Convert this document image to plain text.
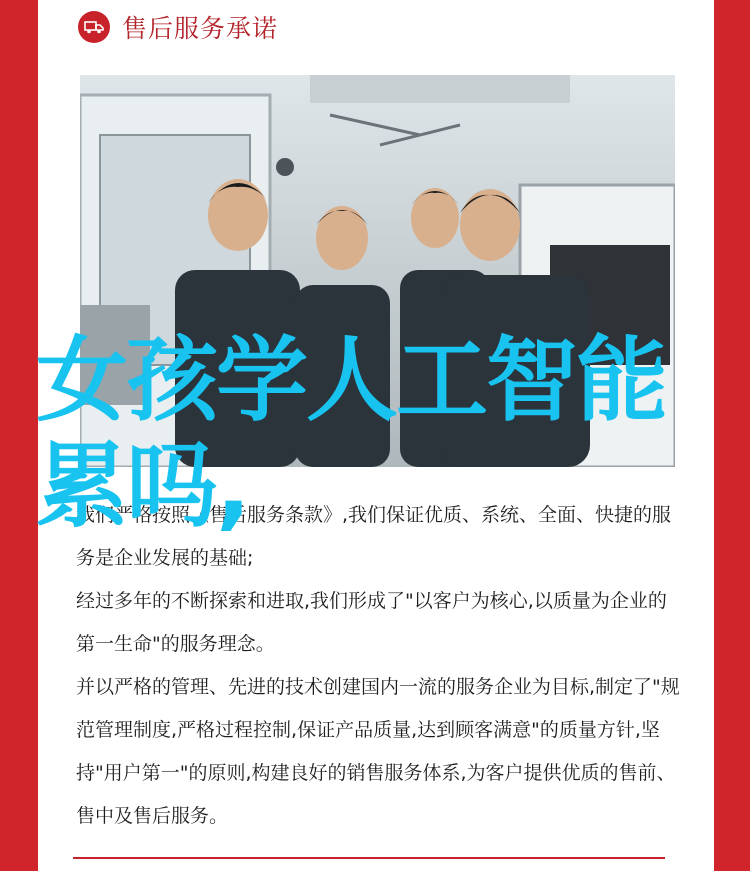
售后服务承诺

我们严格按照《售后服务条款》,我们保证优质、系统、全面、快捷的服务是企业发展的基础;

经过多年的不断探索和进取,我们形成了"以客户为核心,以质量为企业的第一生命"的服务理念。

并以严格的管理、先进的技术创建国内一流的服务企业为目标,制定了"规范管理制度,严格过程控制,保证产品质量,达到顾客满意"的质量方针,坚持"用户第一"的原则,构建良好的销售服务体系,为客户提供优质的售前、售中及售后服务。

女孩学人工智能累吗,
